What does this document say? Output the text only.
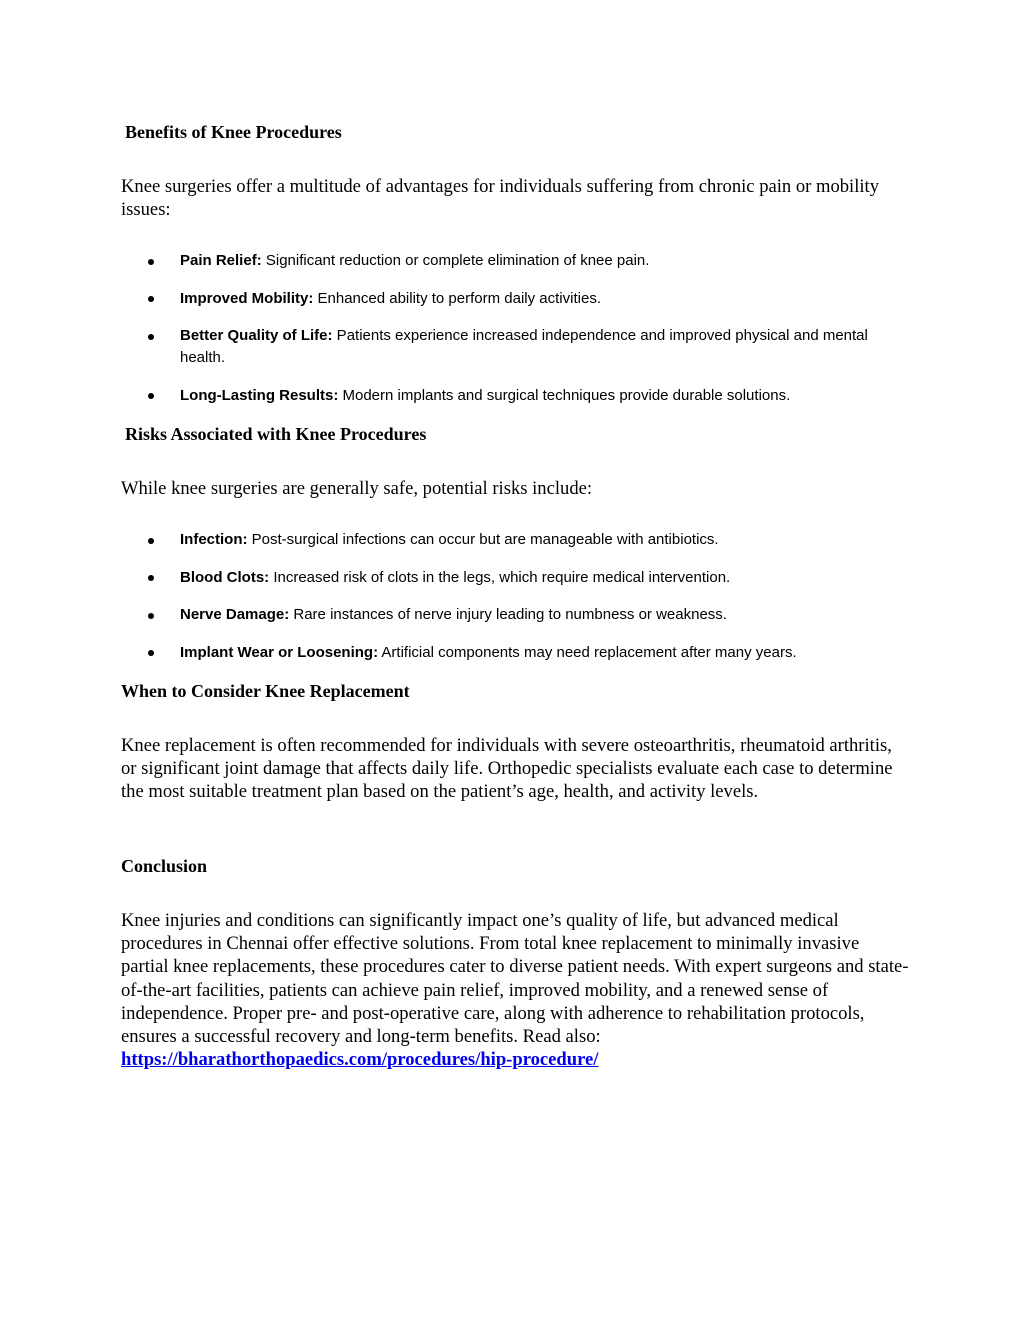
Benefits of Knee Procedures

Knee surgeries offer a multitude of advantages for individuals suffering from chronic pain or mobility issues:

Pain Relief: Significant reduction or complete elimination of knee pain.
Improved Mobility: Enhanced ability to perform daily activities.
Better Quality of Life: Patients experience increased independence and improved physical and mental health.
Long-Lasting Results: Modern implants and surgical techniques provide durable solutions.
Risks Associated with Knee Procedures

While knee surgeries are generally safe, potential risks include:

Infection: Post-surgical infections can occur but are manageable with antibiotics.
Blood Clots: Increased risk of clots in the legs, which require medical intervention.
Nerve Damage: Rare instances of nerve injury leading to numbness or weakness.
Implant Wear or Loosening: Artificial components may need replacement after many years.
When to Consider Knee Replacement

Knee replacement is often recommended for individuals with severe osteoarthritis, rheumatoid arthritis, or significant joint damage that affects daily life. Orthopedic specialists evaluate each case to determine the most suitable treatment plan based on the patient’s age, health, and activity levels.

Conclusion

Knee injuries and conditions can significantly impact one’s quality of life, but advanced medical procedures in Chennai offer effective solutions. From total knee replacement to minimally invasive partial knee replacements, these procedures cater to diverse patient needs. With expert surgeons and state-of-the-art facilities, patients can achieve pain relief, improved mobility, and a renewed sense of independence. Proper pre- and post-operative care, along with adherence to rehabilitation protocols, ensures a successful recovery and long-term benefits. Read also: https://bharathorthopaedics.com/procedures/hip-procedure/
